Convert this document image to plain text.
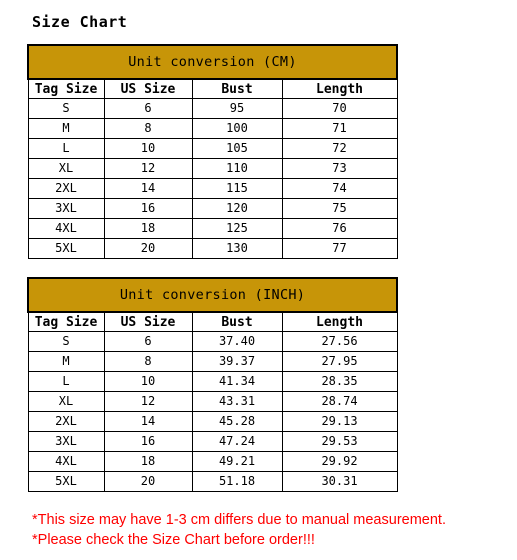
Size Chart
Unit conversion (CM)			
Tag Size	US Size	Bust	Length
S	6	95	70
M	8	100	71
L	10	105	72
XL	12	110	73
2XL	14	115	74
3XL	16	120	75
4XL	18	125	76
5XL	20	130	77
Unit conversion (INCH)			
Tag Size	US Size	Bust	Length
S	6	37.40	27.56
M	8	39.37	27.95
L	10	41.34	28.35
XL	12	43.31	28.74
2XL	14	45.28	29.13
3XL	16	47.24	29.53
4XL	18	49.21	29.92
5XL	20	51.18	30.31
*This size may have 1-3 cm differs due to manual measurement.
*Please check the Size Chart before order!!!
